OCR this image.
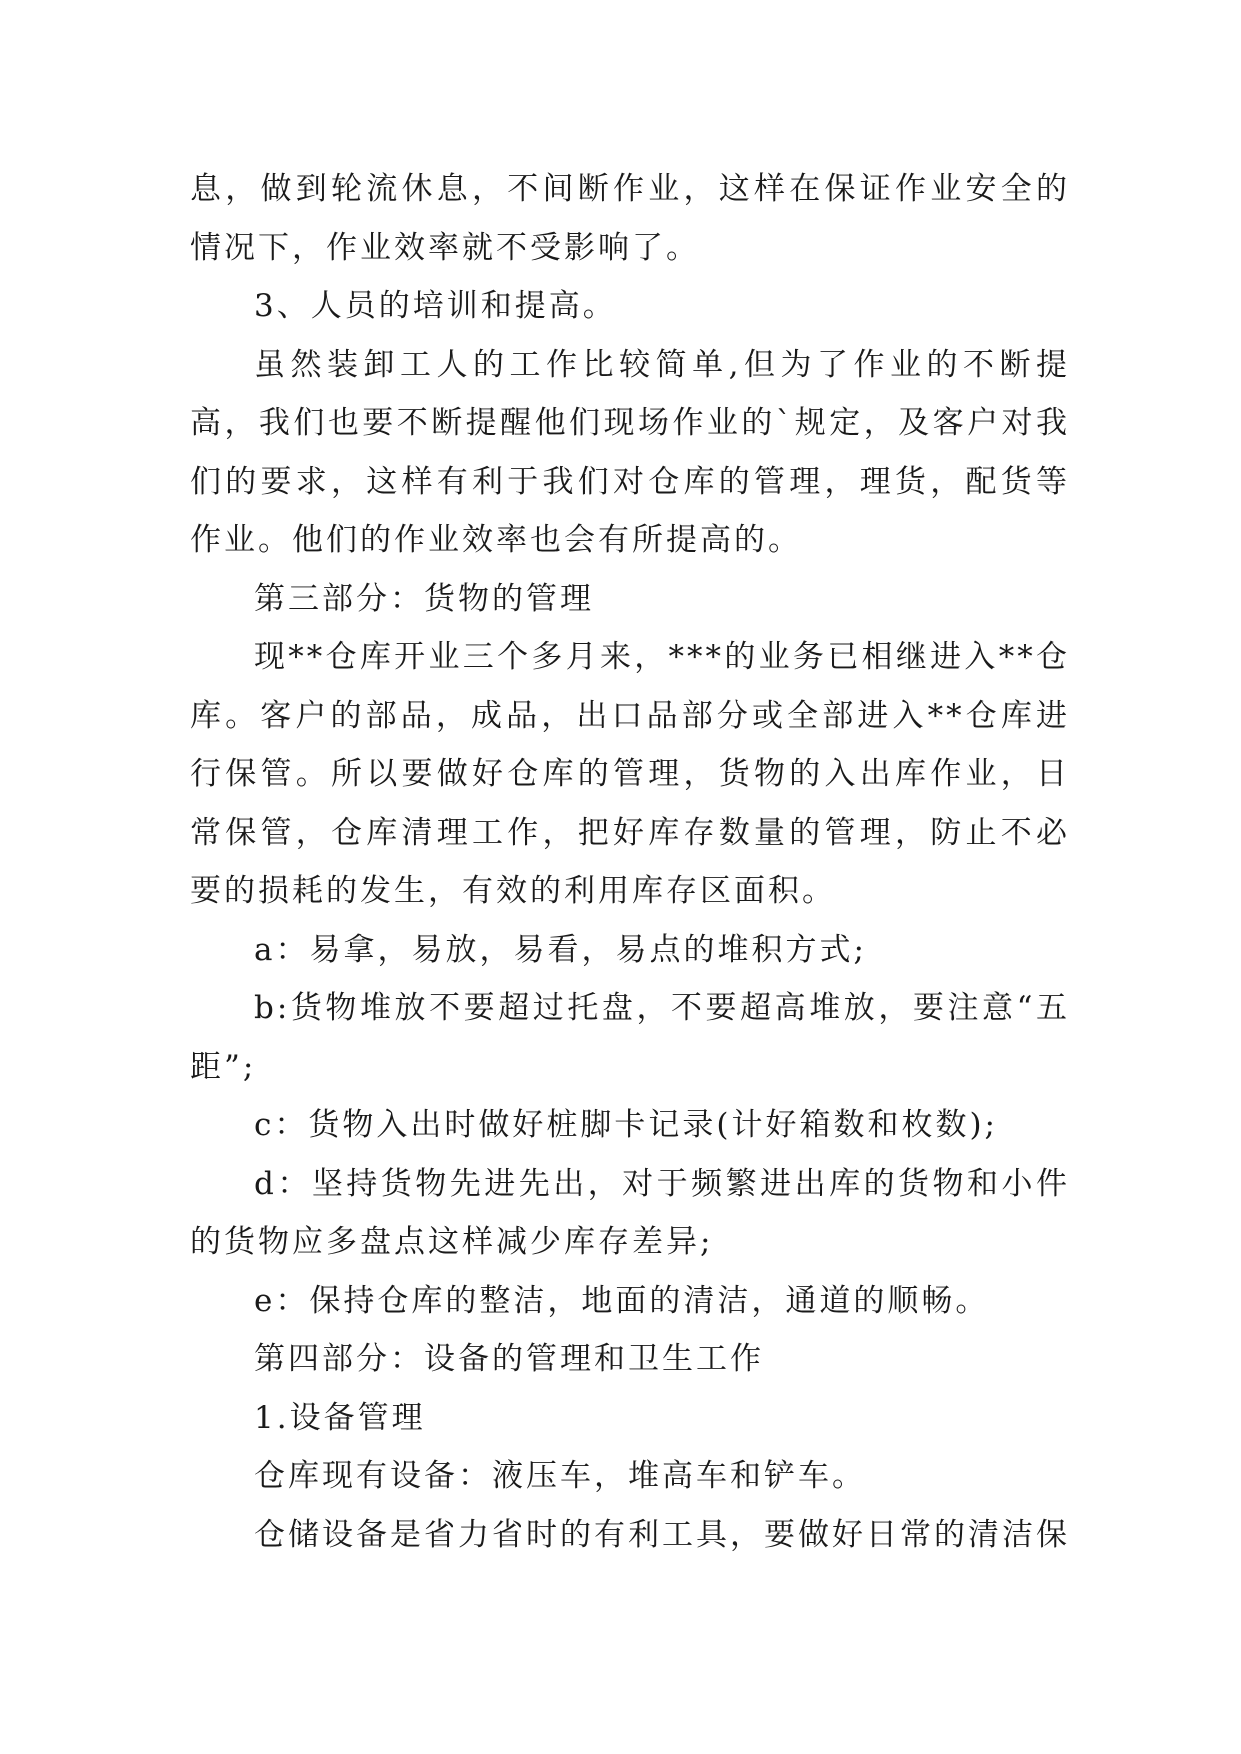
息，做到轮流休息，不间断作业，这样在保证作业安全的情况下，作业效率就不受影响了。

3、人员的培训和提高。

虽然装卸工人的工作比较简单,但为了作业的不断提高，我们也要不断提醒他们现场作业的`规定，及客户对我们的要求，这样有利于我们对仓库的管理，理货，配货等作业。他们的作业效率也会有所提高的。

第三部分：货物的管理

现**仓库开业三个多月来，***的业务已相继进入**仓库。客户的部品，成品，出口品部分或全部进入**仓库进行保管。所以要做好仓库的管理，货物的入出库作业，日常保管，仓库清理工作，把好库存数量的管理，防止不必要的损耗的发生，有效的利用库存区面积。

a：易拿，易放，易看，易点的堆积方式;

b:货物堆放不要超过托盘，不要超高堆放，要注意“五距”;

c：货物入出时做好桩脚卡记录(计好箱数和枚数);

d：坚持货物先进先出，对于频繁进出库的货物和小件的货物应多盘点这样减少库存差异;

e：保持仓库的整洁，地面的清洁，通道的顺畅。

第四部分：设备的管理和卫生工作

1.设备管理

仓库现有设备：液压车，堆高车和铲车。

仓储设备是省力省时的有利工具，要做好日常的清洁保
